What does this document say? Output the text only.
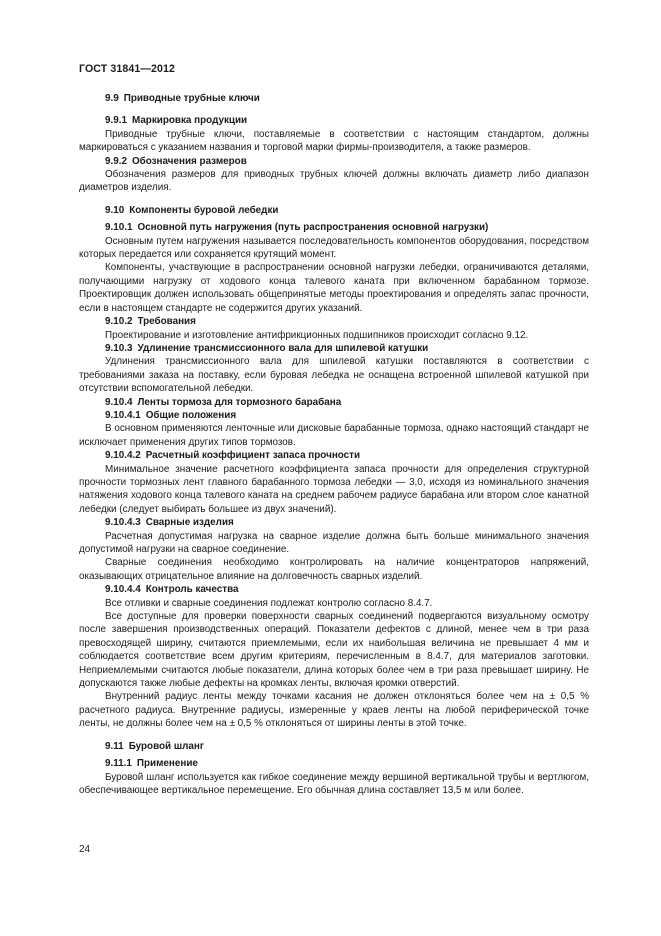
ГОСТ 31841—2012

9.9 Приводные трубные ключи

9.9.1 Маркировка продукции

Приводные трубные ключи, поставляемые в соответствии с настоящим стандартом, должны маркироваться с указанием названия и торговой марки фирмы-производителя, а также размеров.

9.9.2 Обозначения размеров

Обозначения размеров для приводных трубных ключей должны включать диаметр либо диапазон диаметров изделия.

9.10 Компоненты буровой лебедки

9.10.1 Основной путь нагружения (путь распространения основной нагрузки)

Основным путем нагружения называется последовательность компонентов оборудования, посредством которых передается или сохраняется крутящий момент.

Компоненты, участвующие в распространении основной нагрузки лебедки, ограничиваются деталями, получающими нагрузку от ходового конца талевого каната при включенном барабанном тормозе. Проектировщик должен использовать общепринятые методы проектирования и определять запас прочности, если в настоящем стандарте не содержится других указаний.

9.10.2 Требования

Проектирование и изготовление антифрикционных подшипников происходит согласно 9.12.

9.10.3 Удлинение трансмиссионного вала для шпилевой катушки

Удлинения трансмиссионного вала для шпилевой катушки поставляются в соответствии с требованиями заказа на поставку, если буровая лебедка не оснащена встроенной шпилевой катушкой при отсутствии вспомогательной лебедки.

9.10.4 Ленты тормоза для тормозного барабана

9.10.4.1 Общие положения

В основном применяются ленточные или дисковые барабанные тормоза, однако настоящий стандарт не исключает применения других типов тормозов.

9.10.4.2 Расчетный коэффициент запаса прочности

Минимальное значение расчетного коэффициента запаса прочности для определения структурной прочности тормозных лент главного барабанного тормоза лебедки — 3,0, исходя из номинального значения натяжения ходового конца талевого каната на среднем рабочем радиусе барабана или втором слое канатной лебедки (следует выбирать большее из двух значений).

9.10.4.3 Сварные изделия

Расчетная допустимая нагрузка на сварное изделие должна быть больше минимального значения допустимой нагрузки на сварное соединение.

Сварные соединения необходимо контролировать на наличие концентраторов напряжений, оказывающих отрицательное влияние на долговечность сварных изделий.

9.10.4.4 Контроль качества

Все отливки и сварные соединения подлежат контролю согласно 8.4.7.

Все доступные для проверки поверхности сварных соединений подвергаются визуальному осмотру после завершения производственных операций. Показатели дефектов с длиной, менее чем в три раза превосходящей ширину, считаются приемлемыми, если их наибольшая величина не превышает 4 мм и соблюдается соответствие всем другим критериям, перечисленным в 8.4.7, для материалов заготовки. Неприемлемыми считаются любые показатели, длина которых более чем в три раза превышает ширину. Не допускаются также любые дефекты на кромках ленты, включая кромки отверстий.

Внутренний радиус ленты между точками касания не должен отклоняться более чем на ± 0,5 % расчетного радиуса. Внутренние радиусы, измеренные у краев ленты на любой периферической точке ленты, не должны более чем на ± 0,5 % отклоняться от ширины ленты в этой точке.

9.11 Буровой шланг

9.11.1 Применение

Буровой шланг используется как гибкое соединение между вершиной вертикальной трубы и вертлюгом, обеспечивающее вертикальное перемещение. Его обычная длина составляет 13,5 м или более.

24
